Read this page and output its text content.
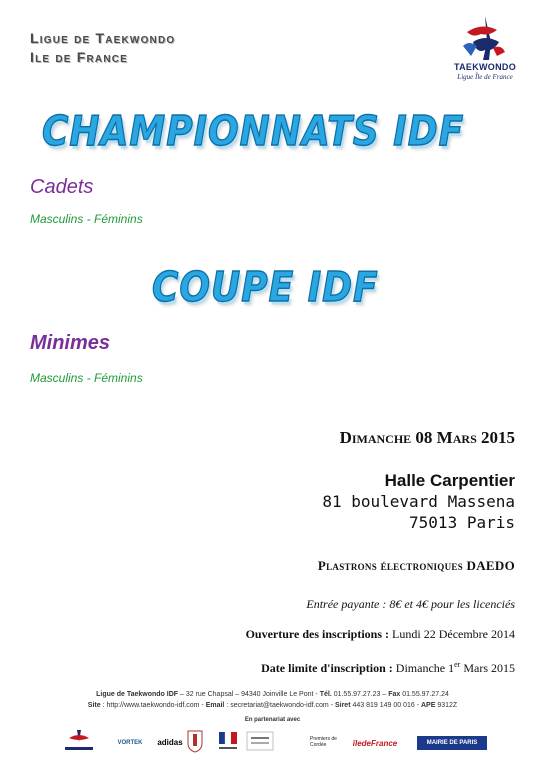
Ligue de Taekwondo
Ile de France
TAEKWONDO
Ligue Île de France
CHAMPIONNATS IDF
Cadets
Masculins - Féminins
COUPE IDF
Minimes
Masculins - Féminins
Dimanche 08 Mars 2015
Halle Carpentier
81 boulevard Massena
75013 Paris
Plastrons électroniques DAEDO
Entrée payante : 8€ et 4€ pour les licenciés
Ouverture des inscriptions : Lundi 22 Décembre 2014
Date limite d'inscription : Dimanche 1er Mars 2015
Ligue de Taekwondo IDF – 32 rue Chapsal – 94340 Joinville Le Pont - Tél. 01.55.97.27.23 – Fax 01.55.97.27.24
Site : http://www.taekwondo-idf.com - Email : secretariat@taekwondo-idf.com - Siret 443 819 149 00 016 - APE 9312Z
En partenariat avec
VORTEK	adidas	Premiers de Cordée	îledeFrance	MAIRIE DE PARIS
